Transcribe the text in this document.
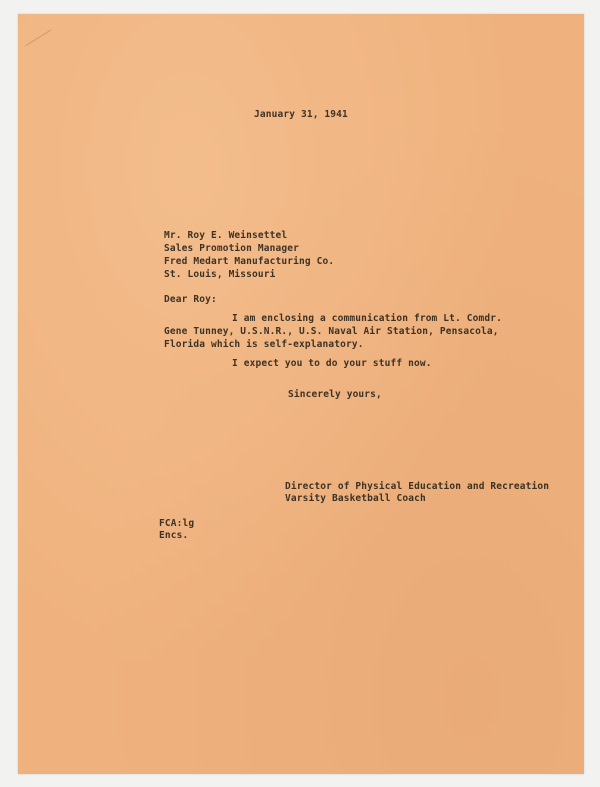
January 31, 1941
Mr. Roy E. Weinsettel
Sales Promotion Manager
Fred Medart Manufacturing Co.
St. Louis, Missouri
Dear Roy:
I am enclosing a communication from Lt. Comdr.
Gene Tunney, U.S.N.R., U.S. Naval Air Station, Pensacola,
Florida which is self-explanatory.
I expect you to do your stuff now.
Sincerely yours,
Director of Physical Education and Recreation
Varsity Basketball Coach
FCA:lg
Encs.
